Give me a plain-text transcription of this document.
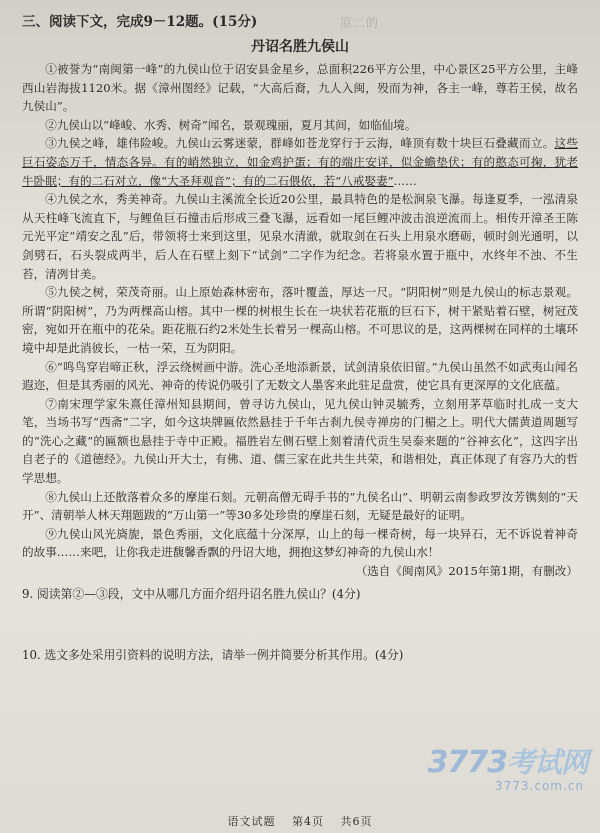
原二的
三、阅读下文，完成9－12题。(15分)
丹诏名胜九侯山

①被誉为“南闽第一峰”的九侯山位于诏安县金星乡，总面积226平方公里，中心景区25平方公里，主峰西山岩海拔1120米。据《漳州图经》记载，“大高后裔，九人入闽，殁而为神，各主一峰，尊若王侯，故名九侯山”。

②九侯山以“峰峻、水秀、树奇”闻名，景观瑰丽，夏月其间，如临仙境。

③九侯之峰，雄伟险峻。九侯山云雾迷蒙，群峰如苍龙穿行于云海，峰顶有数十块巨石叠藏而立。这些巨石姿态万千，情态各异。有的峭然独立，如金鸡护蛋；有的端庄安详，似金蟾垫伏；有的憨态可掬，犹老牛卧眠；有的二石对立，像“大圣拜观音”；有的二石偎依，若“八戒娶妻”……

④九侯之水，秀美神奇。九侯山主溪流全长近20公里，最具特色的是松涧泉飞瀑。每逢夏季，一泓清泉从天柱峰飞流直下，与鲤鱼巨石撞击后形成三叠飞瀑，远看如一尾巨鲤冲波击浪逆流而上。相传开漳圣王陈元光平定“靖安之乱”后，带领将士来到这里，见泉水清澈，就取剑在石头上用泉水磨砺，顿时剑光通明，以剑劈石，石头裂成两半，后人在石壁上刻下“试剑”二字作为纪念。若将泉水置于瓶中，水终年不浊、不生苔，清冽甘美。

⑤九侯之树，荣茂奇丽。山上原始森林密布，落叶覆盖，厚达一尺。“阴阳树”则是九侯山的标志景观。所谓“阴阳树”，乃为两棵高山榕。其中一棵的树根生长在一块状若花瓶的巨石下，树干紧贴着石壁，树冠茂密，宛如开在瓶中的花朵。距花瓶石约2米处生长着另一棵高山榕。不可思议的是，这两棵树在同样的土壤环境中却是此消彼长，一枯一荣，互为阴阳。

⑥“鸣鸟穿岩啼正秋，浮云绕树画中游。洗心圣地添新景，试剑清泉依旧留。”九侯山虽然不如武夷山闻名遐迩，但是其秀丽的风光、神奇的传说仍吸引了无数文人墨客来此驻足盘赏，使它具有更深厚的文化底蕴。

⑦南宋理学家朱熹任漳州知县期间，曾寻访九侯山，见九侯山钟灵毓秀，立刻用茅草临时扎成一支大笔，当场书写“西斋”二字，如今这块牌匾依然悬挂于千年古刹九侯寺禅房的门楣之上。明代大儒黄道周题写的“洗心之藏”的匾额也悬挂于寺中正殿。福胜岩左侧石壁上刻着清代贡生吴泰来题的“谷神玄化”，这四字出自老子的《道德经》。九侯山开大士，有佛、道、儒三家在此共生共荣，和谐相处，真正体现了有容乃大的哲学思想。

⑧九侯山上还散落着众多的摩崖石刻。元朝高僧无碍手书的“九侯名山”、明朝云南参政罗汝芳镌刻的“天开”、清朝举人林天翔题跋的“万山第一”等30多处珍贵的摩崖石刻，无疑是最好的证明。

⑨九侯山风光旖旎，景色秀丽，文化底蕴十分深厚，山上的每一棵奇树，每一块异石，无不诉说着神奇的故事……来吧，让你我走进馥馨香飘的丹诏大地，拥抱这梦幻神奇的九侯山水！

（选自《闽南风》2015年第1期，有删改）
9. 阅读第②—③段，文中从哪几方面介绍丹诏名胜九侯山？(4分)
10. 选文多处采用引资料的说明方法，请举一例并简要分析其作用。(4分)
3773考试网
3773.com.cn
语文试题 第4页 共6页
